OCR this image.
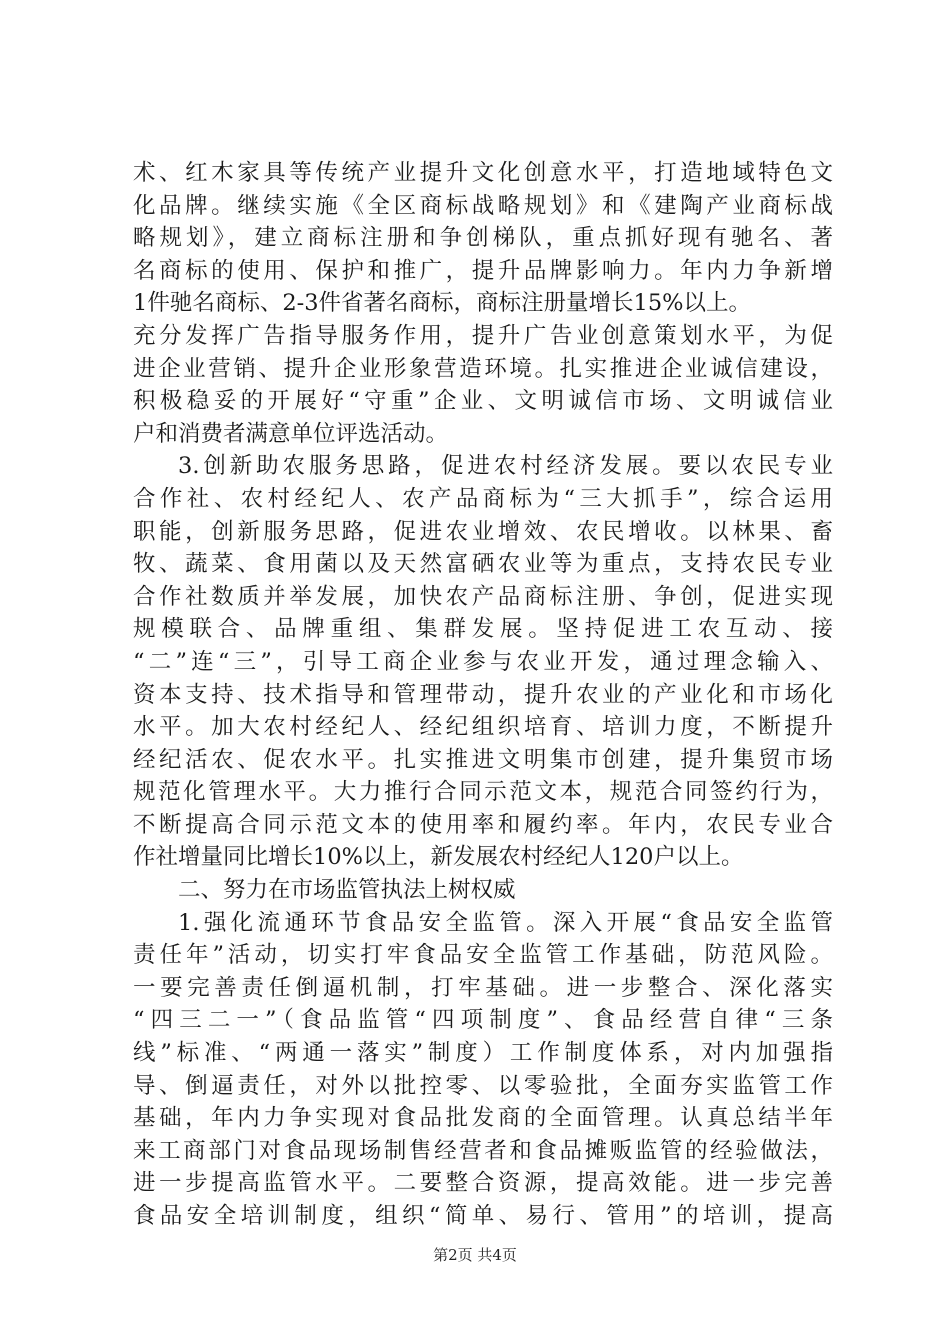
术、红木家具等传统产业提升文化创意水平，打造地域特色文
化品牌。继续实施《全区商标战略规划》和《建陶产业商标战
略规划》，建立商标注册和争创梯队，重点抓好现有驰名、著
名商标的使用、保护和推广，提升品牌影响力。年内力争新增
1件驰名商标、2-3件省著名商标，商标注册量增长15%以上。
充分发挥广告指导服务作用，提升广告业创意策划水平，为促
进企业营销、提升企业形象营造环境。扎实推进企业诚信建设，
积极稳妥的开展好“守重”企业、文明诚信市场、文明诚信业
户和消费者满意单位评选活动。
3.创新助农服务思路，促进农村经济发展。要以农民专业
合作社、农村经纪人、农产品商标为“三大抓手”，综合运用
职能，创新服务思路，促进农业增效、农民增收。以林果、畜
牧、蔬菜、食用菌以及天然富硒农业等为重点，支持农民专业
合作社数质并举发展，加快农产品商标注册、争创，促进实现
规模联合、品牌重组、集群发展。坚持促进工农互动、接
“二”连“三”，引导工商企业参与农业开发，通过理念输入、
资本支持、技术指导和管理带动，提升农业的产业化和市场化
水平。加大农村经纪人、经纪组织培育、培训力度，不断提升
经纪活农、促农水平。扎实推进文明集市创建，提升集贸市场
规范化管理水平。大力推行合同示范文本，规范合同签约行为，
不断提高合同示范文本的使用率和履约率。年内，农民专业合
作社增量同比增长10%以上，新发展农村经纪人120户以上。
二、努力在市场监管执法上树权威
1.强化流通环节食品安全监管。深入开展“食品安全监管
责任年”活动，切实打牢食品安全监管工作基础，防范风险。
一要完善责任倒逼机制，打牢基础。进一步整合、深化落实
“四三二一”（食品监管“四项制度”、食品经营自律“三条
线”标准、“两通一落实”制度）工作制度体系，对内加强指
导、倒逼责任，对外以批控零、以零验批，全面夯实监管工作
基础，年内力争实现对食品批发商的全面管理。认真总结半年
来工商部门对食品现场制售经营者和食品摊贩监管的经验做法，
进一步提高监管水平。二要整合资源，提高效能。进一步完善
食品安全培训制度，组织“简单、易行、管用”的培训，提高
第2页 共4页
